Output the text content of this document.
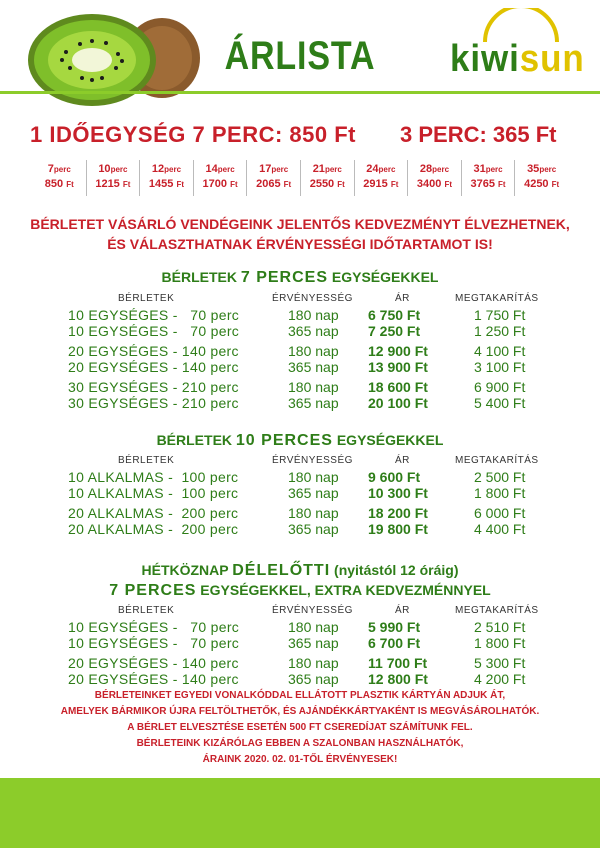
ÁRLISTA	kiwisun
1 IDŐEGYSÉG 7 PERC: 850 Ft 3 PERC: 365 Ft
7perc
850 Ft
10perc
1215 Ft
12perc
1455 Ft
14perc
1700 Ft
17perc
2065 Ft
21perc
2550 Ft
24perc
2915 Ft
28perc
3400 Ft
31perc
3765 Ft
35perc
4250 Ft
BÉRLETET VÁSÁRLÓ VENDÉGEINK JELENTŐS KEDVEZMÉNYT ÉLVEZHETNEK,
ÉS VÁLASZTHATNAK ÉRVÉNYESSÉGI IDŐTARTAMOT IS!
BÉRLETEK 7 PERCES EGYSÉGEKKEL
BÉRLETEK	ÉRVÉNYESSÉG	ÁR	MEGTAKARÍTÁS
10 EGYSÉGES -   70 perc	180 nap 6 750 Ft	1 750 Ft
10 EGYSÉGES -   70 perc	365 nap 7 250 Ft	1 250 Ft
20 EGYSÉGES - 140 perc	180 nap 12 900 Ft	4 100 Ft
20 EGYSÉGES - 140 perc	365 nap 13 900 Ft	3 100 Ft
30 EGYSÉGES - 210 perc	180 nap 18 600 Ft	6 900 Ft
30 EGYSÉGES - 210 perc	365 nap 20 100 Ft	5 400 Ft
BÉRLETEK 10 PERCES EGYSÉGEKKEL
BÉRLETEK	ÉRVÉNYESSÉG	ÁR	MEGTAKARÍTÁS
10 ALKALMAS -  100 perc	180 nap 9 600 Ft	2 500 Ft
10 ALKALMAS -  100 perc	365 nap 10 300 Ft	1 800 Ft
20 ALKALMAS -  200 perc	180 nap 18 200 Ft	6 000 Ft
20 ALKALMAS -  200 perc	365 nap 19 800 Ft	4 400 Ft
HÉTKÖZNAP DÉLELŐTTI (nyitástól 12 óráig)
7 PERCES EGYSÉGEKKEL, EXTRA KEDVEZMÉNNYEL
BÉRLETEK	ÉRVÉNYESSÉG	ÁR	MEGTAKARÍTÁS
10 EGYSÉGES -   70 perc	180 nap 5 990 Ft	2 510 Ft
10 EGYSÉGES -   70 perc	365 nap 6 700 Ft	1 800 Ft
20 EGYSÉGES - 140 perc	180 nap 11 700 Ft	5 300 Ft
20 EGYSÉGES - 140 perc	365 nap 12 800 Ft	4 200 Ft
BÉRLETEINKET EGYEDI VONALKÓDDAL ELLÁTOTT PLASZTIK KÁRTYÁN ADJUK ÁT,
AMELYEK BÁRMIKOR ÚJRA FELTÖLTHETŐK, ÉS AJÁNDÉKKÁRTYAKÉNT IS MEGVÁSÁROLHATÓK.
A BÉRLET ELVESZTÉSE ESETÉN 500 FT CSEREDÍJAT SZÁMÍTUNK FEL.
BÉRLETEINK KIZÁRÓLAG EBBEN A SZALONBAN HASZNÁLHATÓK,
ÁRAINK 2020. 02. 01-TŐL ÉRVÉNYESEK!
